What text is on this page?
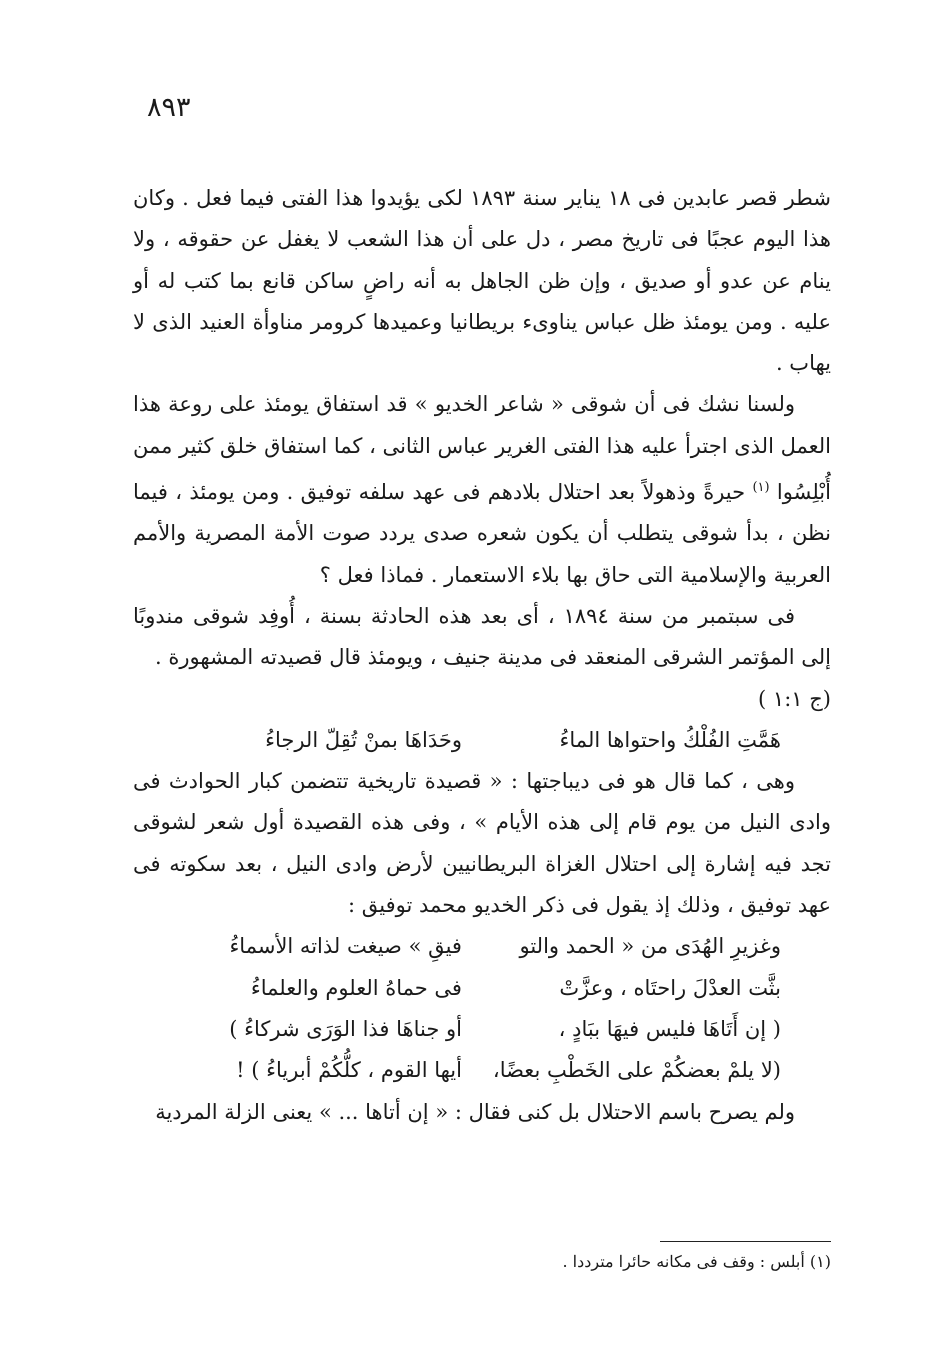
٨٩٣

شطر قصر عابدين فى ١٨ يناير سنة ١٨٩٣ لكى يؤيدوا هذا الفتى فيما فعل . وكان هذا اليوم عجبًا فى تاريخ مصر ، دل على أن هذا الشعب لا يغفل عن حقوقه ، ولا ينام عن عدو أو صديق ، وإن ظن الجاهل به أنه راضٍ ساكن قانع بما كتب له أو عليه . ومن يومئذ ظل عباس يناوىء بريطانيا وعميدها كرومر مناوأة العنيد الذى لا يهاب .

ولسنا نشك فى أن شوقى « شاعر الخديو » قد استفاق يومئذ على روعة هذا العمل الذى اجترأ عليه هذا الفتى الغرير عباس الثانى ، كما استفاق خلق كثير ممن أُبْلِسُوا $^{(١)}$ حيرةً وذهولاً بعد احتلال بلادهم فى عهد سلفه توفيق . ومن يومئذ ، فيما نظن ، بدأ شوقى يتطلب أن يكون شعره صدى يردد صوت الأمة المصرية والأمم العربية والإسلامية التى حاق بها بلاء الاستعمار . فماذا فعل ؟

فى سبتمبر من سنة ١٨٩٤ ، أى بعد هذه الحادثة بسنة ، أُوفِد شوقى مندوبًا إلى المؤتمر الشرقى المنعقد فى مدينة جنيف ، ويومئذ قال قصيدته المشهورة .

(ج ١:١ )

هَمَّتِ الفُلْكُ واحتواها الماءُ
وحَدَاهَا بمنْ تُقِلّ الرجاءُ

وهى ، كما قال هو فى ديباجتها : « قصيدة تاريخية تتضمن كبار الحوادث فى وادى النيل من يوم قام إلى هذه الأيام » ، وفى هذه القصيدة أول شعر لشوقى تجد فيه إشارة إلى احتلال الغزاة البريطانيين لأرض وادى النيل ، بعد سكوته فى عهد توفيق ، وذلك إذ يقول فى ذكر الخديو محمد توفيق :

وغزيرِ الهُدَى من « الحمد والتو
فيقِ » صيغت لذاته الأسماءُ
بثَّت العدْلَ راحتَاه ، وعزَّتْ
فى حماهُ العلوم والعلماءُ
( إن أَتَاهَا فليس فيهَا ببَادٍ ،
أو جناهَا فذا الوَرَى شركاءُ )
(لا يلمْ بعضكُمْ على الخَطْبِ بعضًا،
أيها القوم ، كلُّكُمْ أبرياءُ ) !

ولم يصرح باسم الاحتلال بل كنى فقال : « إن أتاها ... » يعنى الزلة المردية

(١) أبلس : وقف فى مكانه حائرا مترددا .
